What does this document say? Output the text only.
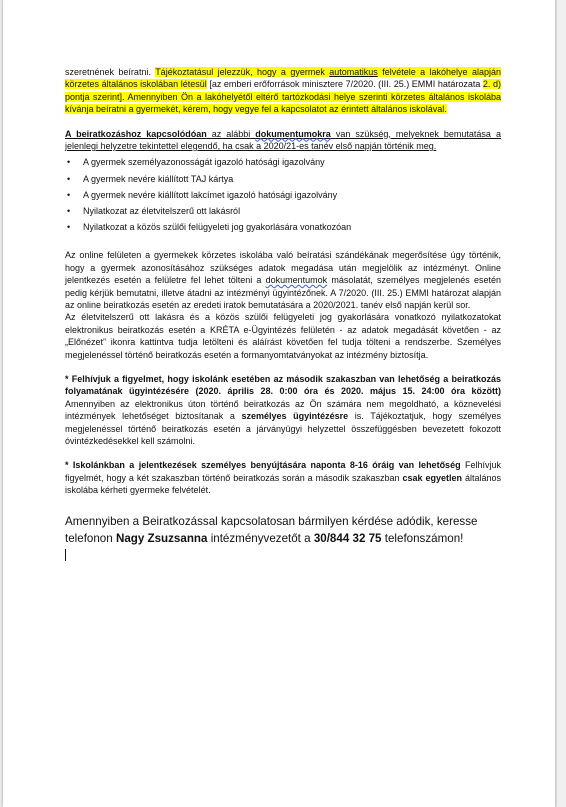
szeretnének beíratni. Tájékoztatásul jelezzük, hogy a gyermek automatikus felvétele a lakóhelye alapján körzetes általános iskolában létesül [az emberi erőforrások minisztere 7/2020. (III. 25.) EMMI határozata 2. d) pontja szerint]. Amennyiben Ön a lakóhelyétől eltérő tartózkodási helye szerinti körzetes általános iskolába kívánja beíratni a gyermekét, kérem, hogy vegye fel a kapcsolatot az érintett általános iskolával.

A beiratkozáshoz kapcsolódóan az alábbi dokumentumokra van szükség, melyeknek bemutatása a jelenlegi helyzetre tekintettel elegendő, ha csak a 2020/21-es tanév első napján történik meg.

• A gyermek személyazonosságát igazoló hatósági igazolvány
• A gyermek nevére kiállított TAJ kártya
• A gyermek nevére kiállított lakcímet igazoló hatósági igazolvány
• Nyilatkozat az életvitelszerű ott lakásról
• Nyilatkozat a közös szülői felügyeleti jog gyakorlására vonatkozóan

Az online felületen a gyermekek körzetes iskolába való beíratási szándékának megerősítése úgy történik, hogy a gyermek azonosításához szükséges adatok megadása után megjelölik az intézményt. Online jelentkezés esetén a felületre fel lehet tölteni a dokumentumok másolatát, személyes megjelenés esetén pedig kérjük bemutatni, illetve átadni az intézményi ügyintézőnek. A 7/2020. (III. 25.) EMMI határozat alapján az online beiratkozás esetén az eredeti iratok bemutatására a 2020/2021. tanév első napján kerül sor.

Az életvitelszerű ott lakásra és a közös szülői felügyeleti jog gyakorlására vonatkozó nyilatkozatokat elektronikus beiratkozás esetén a KRÉTA e-Ügyintézés felületén - az adatok megadását követően - az „Előnézet” ikonra kattintva tudja letölteni és aláírást követően fel tudja tölteni a rendszerbe. Személyes megjelenéssel történő beiratkozás esetén a formanyomtatványokat az intézmény biztosítja.

* Felhívjuk a figyelmet, hogy iskolánk esetében az második szakaszban van lehetőség a beiratkozás folyamatának ügyintézésére (2020. április 28. 0:00 óra és 2020. május 15. 24:00 óra között) Amennyiben az elektronikus úton történő beiratkozás az Ön számára nem megoldható, a köznevelési intézmények lehetőséget biztosítanak a személyes ügyintézésre is. Tájékoztatjuk, hogy személyes megjelenéssel történő beiratkozás esetén a járványügyi helyzettel összefüggésben bevezetett fokozott óvintézkedésekkel kell számolni.

* Iskolánkban a jelentkezések személyes benyújtására naponta 8-16 óráig van lehetőség Felhívjuk figyelmét, hogy a két szakaszban történő beiratkozás során a második szakaszban csak egyetlen általános iskolába kérheti gyermeke felvételét.

Amennyiben a Beiratkozással kapcsolatosan bármilyen kérdése adódik, keresse telefonon Nagy Zsuzsanna intézményvezetőt a 30/844 32 75 telefonszámon!
